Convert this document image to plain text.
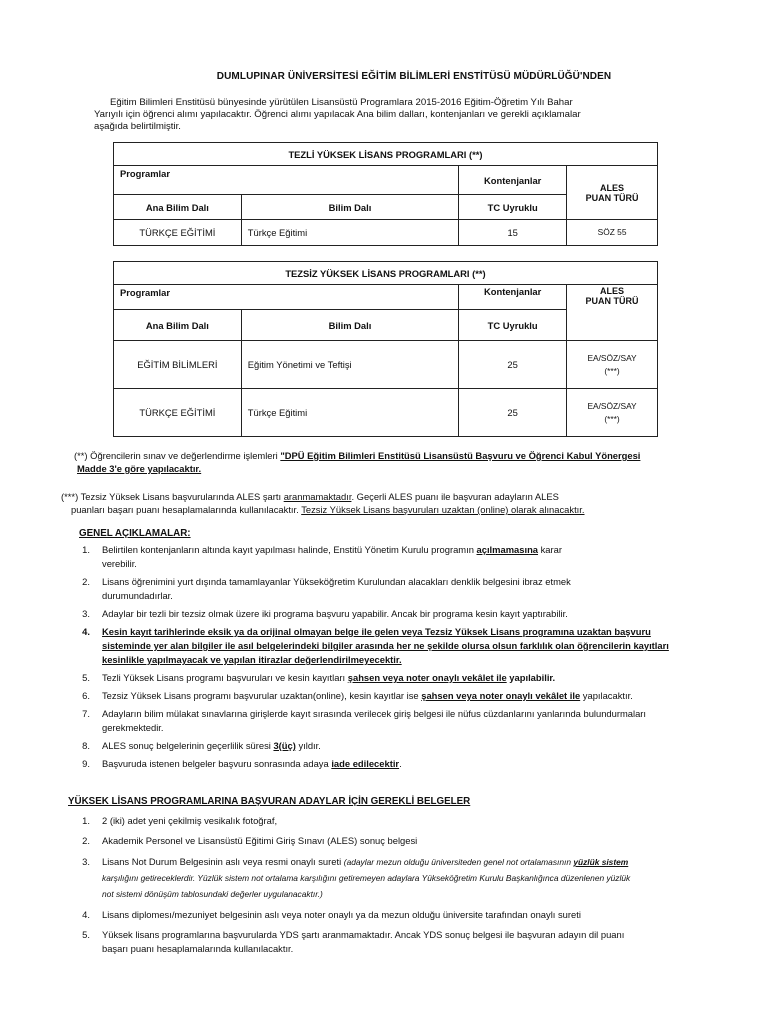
DUMLUPINAR ÜNİVERSİTESİ EĞİTİM BİLİMLERİ ENSTİTÜSÜ MÜDÜRLÜĞÜ'NDEN
Eğitim Bilimleri Enstitüsü bünyesinde yürütülen Lisansüstü Programlara 2015-2016 Eğitim-Öğretim Yılı Bahar
Yarıyılı için öğrenci alımı yapılacaktır. Öğrenci alımı yapılacak Ana bilim dalları, kontenjanları ve gerekli açıklamalar
aşağıda belirtilmiştir.
TEZLİ YÜKSEK LİSANS PROGRAMLARI (**)			
Programlar		Kontenjanlar	ALES
PUAN TÜRÜ

Ana Bilim Dalı	Bilim Dalı	TC Uyruklu	
TÜRKÇE EĞİTİMİ	Türkçe Eğitimi	15	SÖZ 55
TEZSİZ YÜKSEK LİSANS PROGRAMLARI (**)			
Programlar		Kontenjanlar	ALES
PUAN TÜRÜ

Ana Bilim Dalı	Bilim Dalı	TC Uyruklu	
EĞİTİM BİLİMLERİ	Eğitim Yönetimi ve Teftişi	25	EA/SÖZ/SAY
(***)

TÜRKÇE EĞİTİMİ	Türkçe Eğitimi	25	EA/SÖZ/SAY
(***)
(**) Öğrencilerin sınav ve değerlendirme işlemleri "DPÜ Eğitim Bilimleri Enstitüsü Lisansüstü Başvuru ve Öğrenci Kabul Yönergesi
Madde 3'e göre yapılacaktır.
(***) Tezsiz Yüksek Lisans başvurularında ALES şartı aranmamaktadır. Geçerli ALES puanı ile başvuran adayların ALES
puanları başarı puanı hesaplamalarında kullanılacaktır. Tezsiz Yüksek Lisans başvuruları uzaktan (online) olarak alınacaktır.
GENEL AÇIKLAMALAR:
1.	Belirtilen kontenjanların altında kayıt yapılması halinde, Enstitü Yönetim Kurulu programın açılmamasına karar
verebilir.
2.	Lisans öğrenimini yurt dışında tamamlayanlar Yükseköğretim Kurulundan alacakları denklik belgesini ibraz etmek
durumundadırlar.
3.	Adaylar bir tezli bir tezsiz olmak üzere iki programa başvuru yapabilir. Ancak bir programa kesin kayıt yaptırabilir.
4.	Kesin kayıt tarihlerinde eksik ya da orijinal olmayan belge ile gelen veya Tezsiz Yüksek Lisans programına uzaktan başvuru
sisteminde yer alan bilgiler ile asıl belgelerindeki bilgiler arasında her ne şekilde olursa olsun farklılık olan öğrencilerin kayıtları
kesinlikle yapılmayacak ve yapılan itirazlar değerlendirilmeyecektir.
5.	Tezli Yüksek Lisans programı başvuruları ve kesin kayıtları şahsen veya noter onaylı vekâlet ile yapılabilir.
6.	Tezsiz Yüksek Lisans programı başvurular uzaktan(online), kesin kayıtlar ise şahsen veya noter onaylı vekâlet ile yapılacaktır.
7.	Adayların bilim mülakat sınavlarına girişlerde kayıt sırasında verilecek giriş belgesi ile nüfus cüzdanlarını yanlarında bulundurmaları
gerekmektedir.
8.	ALES sonuç belgelerinin geçerlilik süresi 3(üç) yıldır.
9.	Başvuruda istenen belgeler başvuru sonrasında adaya iade edilecektir.
YÜKSEK LİSANS PROGRAMLARINA BAŞVURAN ADAYLAR İÇİN GEREKLİ BELGELER
1.	2 (iki) adet yeni çekilmiş vesikalık fotoğraf,
2.	Akademik Personel ve Lisansüstü Eğitimi Giriş Sınavı (ALES) sonuç belgesi
3.	Lisans Not Durum Belgesinin aslı veya resmi onaylı sureti (adaylar mezun olduğu üniversiteden genel not ortalamasının yüzlük sistem
karşılığını getireceklerdir. Yüzlük sistem not ortalama karşılığını getiremeyen adaylara Yükseköğretim Kurulu Başkanlığınca düzenlenen yüzlük
not sistemi dönüşüm tablosundaki değerler uygulanacaktır.)
4.	Lisans diplomesı/mezuniyet belgesinin aslı veya noter onaylı ya da mezun olduğu üniversite tarafından onaylı sureti
5.	Yüksek lisans programlarına başvurularda YDS şartı aranmamaktadır. Ancak YDS sonuç belgesi ile başvuran adayın dil puanı
başarı puanı hesaplamalarında kullanılacaktır.
